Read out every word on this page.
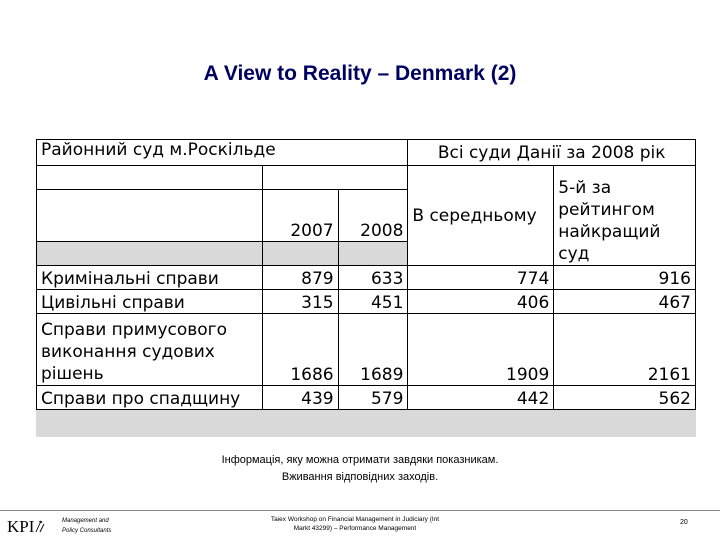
A View to Reality – Denmark (2)
Районний суд м.Роскільде			Всі суди Данії за 2008 рік	
			В середньому	5-й за рейтингом найкращий суд
	2007	2008		

Кримінальні справи	879	633	774	916
Цивільні справи	315	451	406	467
Справи примусового виконання судових рішень	1686	1689	1909	2161
Справи про спадщину	439	579	442	562
Інформація, яку можна отримати завдяки показникам.
Вживання відповідних заходів.
KPI	Management and
Policy Consultants
Taiex Workshop on Financial Management in Judiciary (Int Markt 43299) – Performance Management
20
